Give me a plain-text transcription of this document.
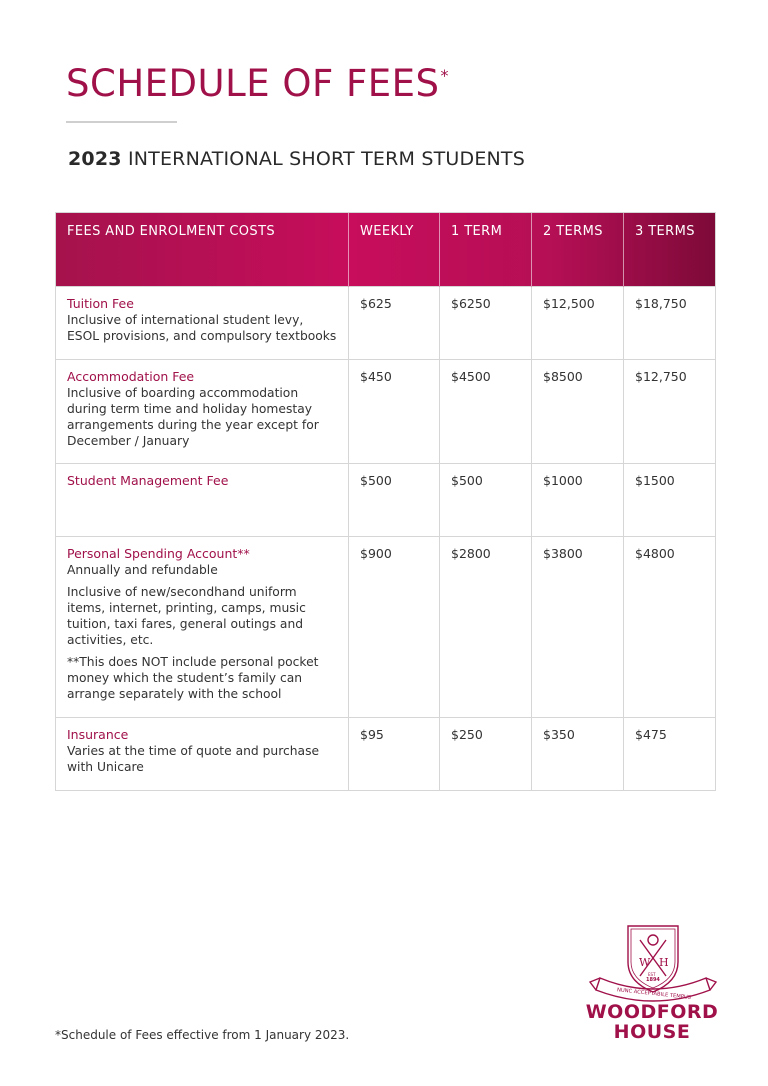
SCHEDULE OF FEES*
2023 INTERNATIONAL SHORT TERM STUDENTS
FEES AND ENROLMENT COSTS	WEEKLY	1 TERM	2 TERMS	3 TERMS

Tuition Fee
Inclusive of international student levy, ESOL provisions, and compulsory textbooks	$625	$6250	$12,500	$18,750

Accommodation Fee
Inclusive of boarding accommodation during term time and holiday homestay arrangements during the year except for December / January	$450	$4500	$8500	$12,750

Student Management Fee	$500	$500	$1000	$1500

Personal Spending Account**
Annually and refundable
Inclusive of new/secondhand uniform items, internet, printing, camps, music tuition, taxi fares, general outings and activities, etc.
**This does NOT include personal pocket money which the student’s family can arrange separately with the school	$900	$2800	$3800	$4800

Insurance
Varies at the time of quote and purchase with Unicare	$95	$250	$350	$475
*Schedule of Fees effective from 1 January 2023.
W H
EST
1894
NUNC ACCEPTABILE TEMPUS
WOODFORD
HOUSE
